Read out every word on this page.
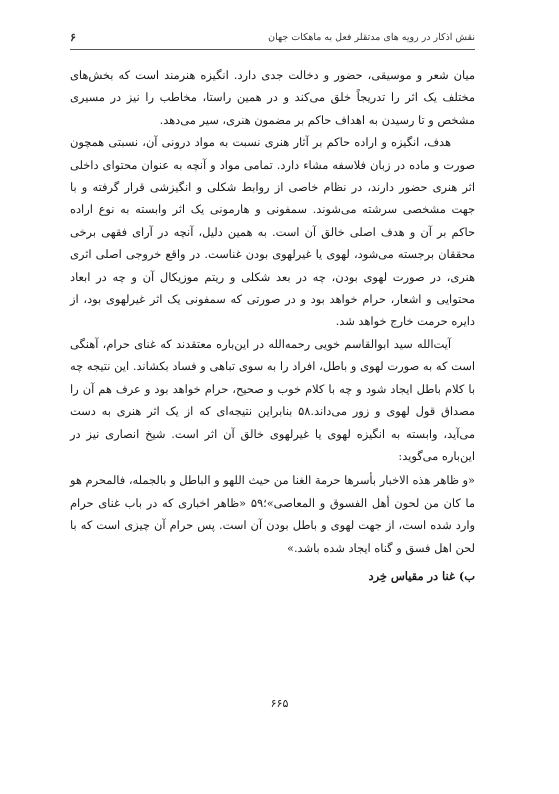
نقش اذکار در رویه های مدتقلر فعل به ماهکات جهان
۶

میان شعر و موسیقی، حضور و دخالت جدی دارد. انگیزه هنرمند است که بخش‌های مختلف یک اثر را تدریجاً خلق می‌کند و در همین راستا، مخاطب را نیز در مسیری مشخص و تا رسیدن به اهداف حاکم بر مضمون هنری، سیر می‌دهد.

هدف، انگیزه و اراده حاکم بر آثار هنری نسبت به مواد درونی آن، نسبتی همچون صورت و ماده در زبان فلاسفه مشاء دارد. تمامی مواد و آنچه به عنوان محتوای داخلی اثر هنری حضور دارند، در نظام خاصی از روابط شکلی و انگیزشی قرار گرفته و با جهت مشخصی سرشته می‌شوند. سمفونی و هارمونی یک اثر وابسته به نوع اراده حاکم بر آن و هدف اصلی خالق آن است. به همین دلیل، آنچه در آرای فقهی برخی محققان برجسته می‌شود، لهوی یا غیرلهوی بودن غناست. در واقع خروجی اصلی اثری هنری، در صورت لهوی بودن، چه در بعد شکلی و ریتم موزیکال آن و چه در ابعاد محتوایی و اشعار، حرام خواهد بود و در صورتی که سمفونی یک اثر غیرلهوی بود، از دایره حرمت خارج خواهد شد.

آیت‌الله سید ابوالقاسم خویی رحمه‌الله در این‌باره معتقدند که غنای حرام، آهنگی است که به صورت لهوی و باطل، افراد را به سوی تباهی و فساد بکشاند. این نتیجه چه با کلام باطل ایجاد شود و چه با کلام خوب و صحیح، حرام خواهد بود و عرف هم آن را مصداق قول لهوی و زور می‌داند.۵۸ بنابراین نتیجه‌ای که از یک اثر هنری به دست می‌آید، وابسته به انگیزه لهوی یا غیرلهوی خالق آن اثر است. شیخ انصاری نیز در این‌باره می‌گوید:

«و ظاهر هذه الاخبار بأسرها حرمة الغنا من حیث اللهو و الباطل و بالجمله، فالمحرم هو ما کان من لحون أهل الفسوق و المعاصی»؛۵۹ «ظاهر اخباری که در باب غنای حرام وارد شده است، از جهت لهوی و باطل بودن آن است. پس حرام آن چیزی است که با لحن اهل فسق و گناه ایجاد شده باشد.»

ب) غنا در مقیاس خِرد

۶۶۵
